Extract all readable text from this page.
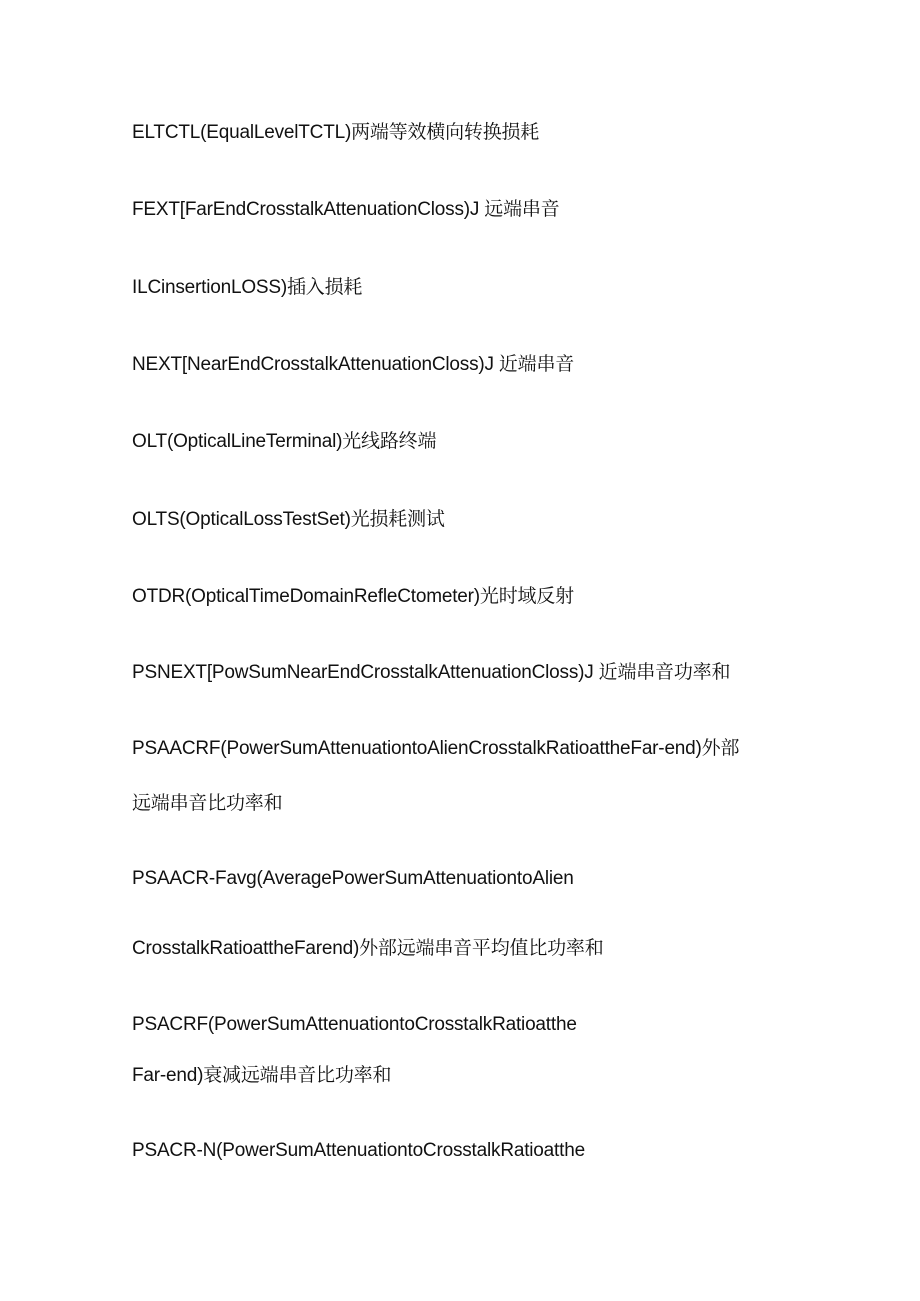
ELTCTL(EqualLevelTCTL)两端等效横向转换损耗
FEXT[FarEndCrosstalkAttenuationCloss)J 远端串音
ILCinsertionLOSS)插入损耗
NEXT[NearEndCrosstalkAttenuationCloss)J 近端串音
OLT(OpticalLineTerminal)光线路终端
OLTS(OpticalLossTestSet)光损耗测试
OTDR(OpticalTimeDomainRefleCtometer)光时域反射
PSNEXT[PowSumNearEndCrosstalkAttenuationCloss)J 近端串音功率和
PSAACRF(PowerSumAttenuationtoAlienCrosstalkRatioattheFar-end)外部
远端串音比功率和
PSAACR-Favg(AveragePowerSumAttenuationtoAlien
CrosstalkRatioattheFarend)外部远端串音平均值比功率和
PSACRF(PowerSumAttenuationtoCrosstalkRatioatthe
Far-end)衰减远端串音比功率和
PSACR-N(PowerSumAttenuationtoCrosstalkRatioatthe
